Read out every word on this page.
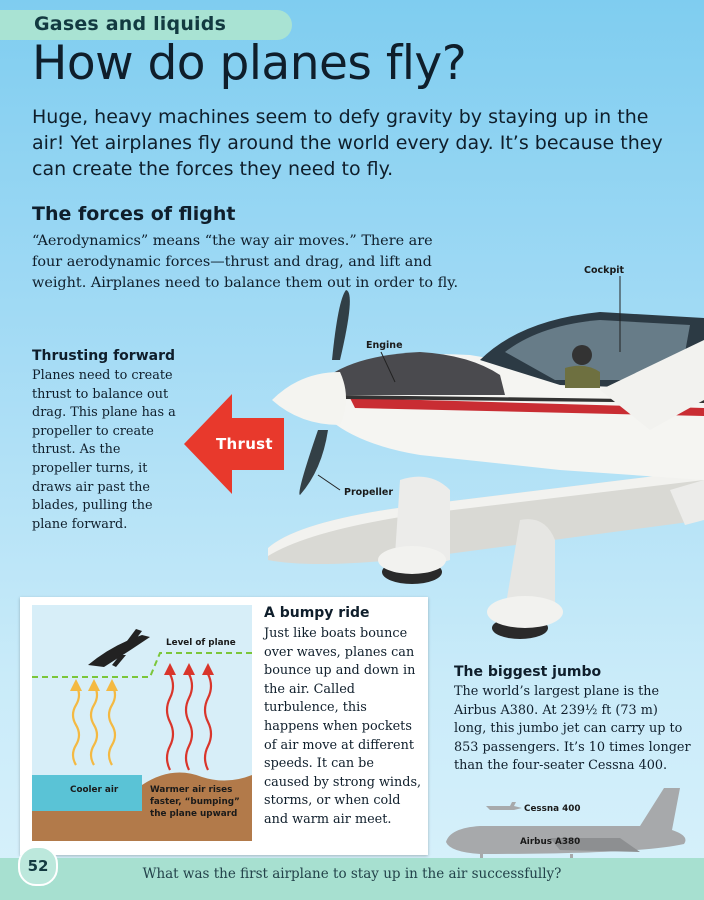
Gases and liquids
How do planes fly?

Huge, heavy machines seem to defy gravity by staying up in the air! Yet airplanes fly around the world every day. It’s because they can create the forces they need to fly.

Cockpit
Engine
Propeller
The forces of flight

“Aerodynamics” means “the way air moves.” There are four aerodynamic forces—thrust and drag, and lift and weight. Airplanes need to balance them out in order to fly.

Thrusting forward

Planes need to create thrust to balance out drag. This plane has a propeller to create thrust. As the propeller turns, it draws air past the blades, pulling the plane forward.

Thrust
Level of plane
Cooler air	Warmer air rises faster, “bumping” the plane upward
A bumpy ride

Just like boats bounce over waves, planes can bounce up and down in the air. Called turbulence, this happens when pockets of air move at different speeds. It can be caused by strong winds, storms, or when cold and warm air meet.

The biggest jumbo

The world’s largest plane is the Airbus A380. At 239½ ft (73 m) long, this jumbo jet can carry up to 853 passengers. It’s 10 times longer than the four-seater Cessna 400.

Cessna 400
Airbus A380
What was the first airplane to stay up in the air successfully?
52
